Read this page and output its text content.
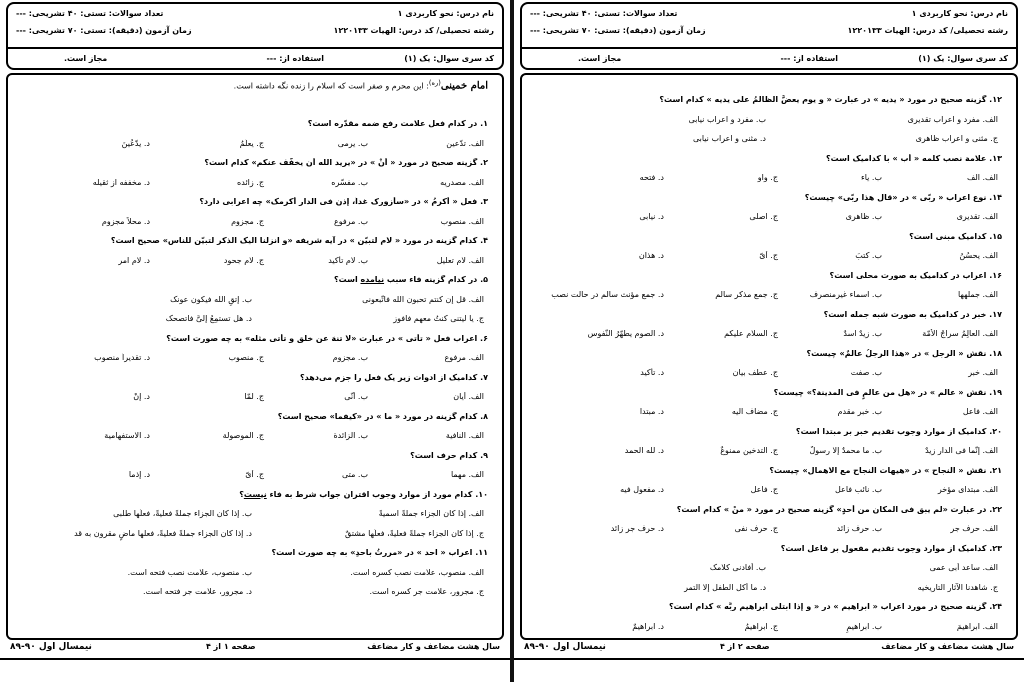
نام درس: نحو کاربردی ۱
تعداد سوالات: تستی: ۴۰ تشریحی: ---
رشته تحصیلی/ کد درس: الهیات ۱۲۲۰۱۳۳
زمان آزمون (دقیقه): تستی: ۷۰ تشریحی: ---
کد سری سوال: یک (۱)
استفاده از: ---
مجاز است.
امام خمینی$^{(ره)}$: این محرم و صفر است که اسلام را زنده نگه داشته است.
۱. در کدام فعل علامت رفع ضمه مقدّره است؟
الف. تدّعین
ب. یرمی
ج. یعلَمُ
د. یدّعُینَ
۲. گزینه صحیح در مورد « أنْ » در «یرید الله أن یخفّف عنکم» کدام است؟
الف. مصدریه
ب. مفسّره
ج. زائده
د. مخففه از ثقیله
۳. فعل « أکرمُ » در «سأزورک غداً، إذن فی الدار أکرمک» چه اعرابی دارد؟
الف. منصوب
ب. مرفوع
ج. مجزوم
د. محلاً مجزوم
۴. کدام گزینه در مورد « لام لتبیّن » در آیه شریفه «و انزلنا الیک الذکر لتبیّن للناس» صحیح است؟
الف. لام تعلیل
ب. لام تأکید
ج. لام جحود
د. لام امر
۵. در کدام گزینه فاء سبب نیامده است؟
الف. قل إن کنتم تحبون الله فاتّبعونی
ب. إتقِ الله فیکون عونک
ج. یا لیتنی کنتُ معهم فافوز
د. هل تستمِعُ إلیَّ فاتصحک
۶. اعراب فعل « تأتی » در عبارت «لا تنهَ عن خلق و تأتی مثله» به چه صورت است؟
الف. مرفوع
ب. مجزوم
ج. منصوب
د. تقدیراً منصوب
۷. کدامیک از ادوات زیر یک فعل را جزم می‌دهد؟
الف. أیان
ب. أنّی
ج. لمّا
د. إنْ
۸. کدام گزینه در مورد « ما » در «کیفما» صحیح است؟
الف. النافیة
ب. الزائدة
ج. الموصولة
د. الاستفهامیة
۹. کدام حرف است؟
الف. مهما
ب. متی
ج. أیّ
د. إذما
۱۰. کدام مورد از موارد وجوب اقتران جواب شرط به فاء نیست؟
الف. إذا کان الجزاء جملةً اسمیةً
ب. إذا کان الجزاء جملةً فعلیةً، فعلُها طلبی
ج. إذا کان الجزاء جملةً فعلیةً، فعلُها مشتقٌ
د. إذا کان الجزاء جملةً فعلیةً، فعلها ماضٍ مقرون به قد
۱۱. اعراب « احد » در «مررتُ باحدِ» به چه صورت است؟
الف. منصوب، علامت نصب کسره است.
ب. منصوب، علامت نصب فتحه است.
ج. مجرور، علامت جر کسره است.
د. مجرور، علامت جر فتحه است.
سال هشت مضاعف و کار مضاعف
صفحه ۱ از ۴
نیمسال اول ۹۰-۸۹
نام درس: نحو کاربردی ۱
تعداد سوالات: تستی: ۴۰ تشریحی: ---
رشته تحصیلی/ کد درس: الهیات ۱۲۲۰۱۳۳
زمان آزمون (دقیقه): تستی: ۷۰ تشریحی: ---
کد سری سوال: یک (۱)
استفاده از: ---
مجاز است.
۱۲. گزینه صحیح در مورد « یدیه » در عبارت « و یوم یعضُّ الظالمُ علی یدیه » کدام است؟
الف. مفرد و اعراب تقدیری
ب. مفرد و اعراب نیابی
ج. مثنی و اعراب ظاهری
د. مثنی و اعراب نیابی
۱۳. علامة نصب کلمه « أب » با کدامیک است؟
الف. الف
ب. یاء
ج. واو
د. فتحه
۱۴. نوع اعراب « ربّی » در «قال هذا ربّی» چیست؟
الف. تقدیری
ب. ظاهری
ج. اصلی
د. نیابی
۱۵. کدامیک مبنی است؟
الف. یحسُنُ
ب. کتبَ
ج. أیّ
د. هذان
۱۶. اعراب در کدامیک به صورت محلی است؟
الف. جملهها
ب. اسماء غیرمنصرف
ج. جمع مذکر سالم
د. جمع مؤنث سالم در حالت نصب
۱۷. خبر در کدامیک به صورت شبه جمله است؟
الف. العالِمُ سراجُ الأمّة
ب. زیدٌ اسدٌ
ج. السلام علیکم
د. الصوم یطهّرُ النّفوس
۱۸. نقش « الرجل » در «هذا الرجلُ عالمٌ» چیست؟
الف. خبر
ب. صفت
ج. عطف بیان
د. تأکید
۱۹. نقش « عالم » در «هل من عالمٍ فی المدینة؟» چیست؟
الف. فاعل
ب. خبر مقدم
ج. مضاف الیه
د. مبتدا
۲۰. کدامیک از موارد وجوب تقدیم خبر بر مبتدا است؟
الف. إنّما فی الدار زیدٌ
ب. ما محمدٌ إلّا رسولٌ
ج. التدخین ممنوعٌ
د. لله الحمد
۲۱. نقش « النجاح » در «هیهات النجاح مع الاهمال» چیست؟
الف. مبتدای مؤخر
ب. نائب فاعل
ج. فاعل
د. مفعول فیه
۲۲. در عبارت «لم یبق فی المکان من أحدٍ» گزینه صحیح در مورد « منْ » کدام است؟
الف. حرف جر
ب. حرف زائد
ج. حرف نفی
د. حرف جر زائد
۲۳. کدامیک از موارد وجوب تقدیم مفعول بر فاعل است؟
الف. ساعد أبی عمی
ب. أفادنی کلامک
ج. شاهدنا الآثار التاریخیه
د. ما أکل الطفل إلّا التمر
۲۴. گزینه صحیح در مورد اعراب « ابراهیم » در « و إذا ابتلی ابراهیم ربُّه » کدام است؟
الف. ابراهیمَ
ب. ابراهیمِ
ج. ابراهیمُ
د. ابراهیمٌ
سال هشت مضاعف و کار مضاعف
صفحه ۲ از ۴
نیمسال اول ۹۰-۸۹
